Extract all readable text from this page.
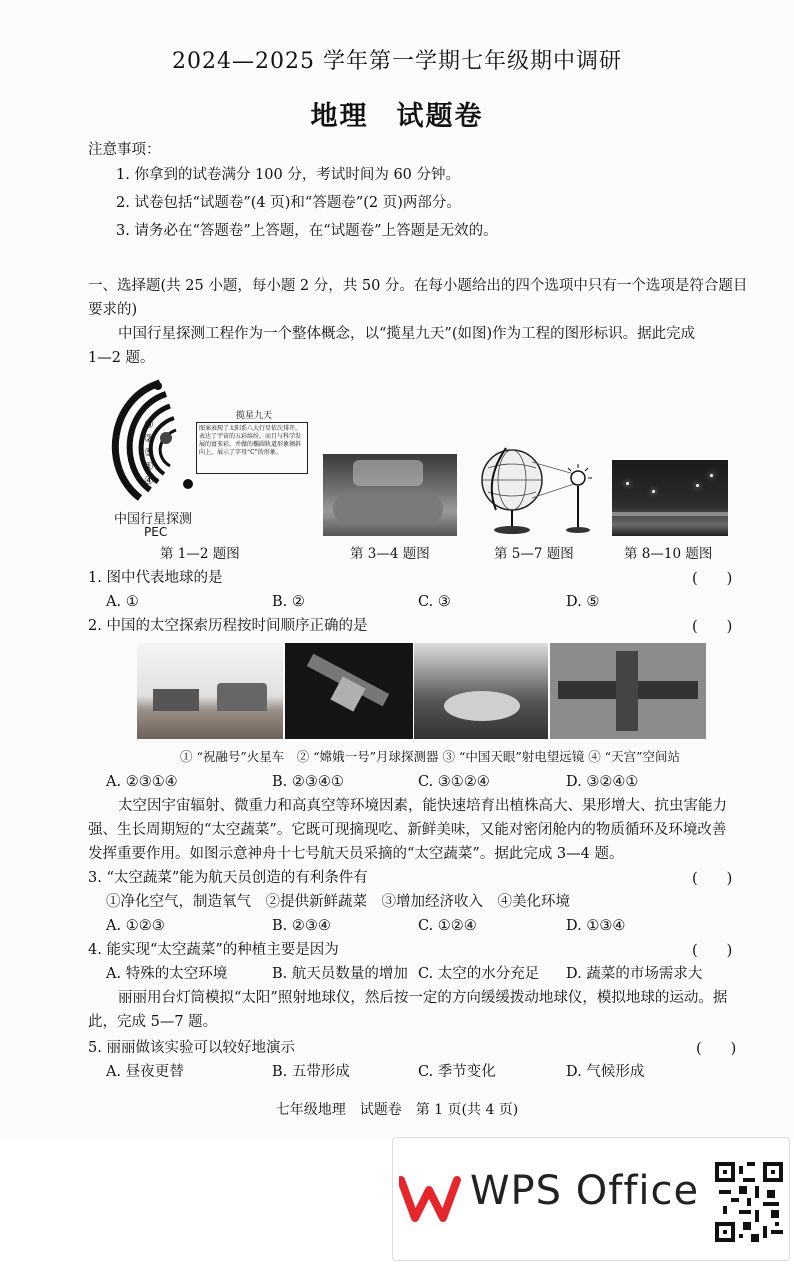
2024—2025 学年第一学期七年级期中调研
地理 试题卷
注意事项：
1. 你拿到的试卷满分 100 分，考试时间为 60 分钟。
2. 试卷包括“试题卷”(4 页)和“答题卷”(2 页)两部分。
3. 请务必在“答题卷”上答题，在“试题卷”上答题是无效的。
一、选择题(共 25 小题，每小题 2 分，共 50 分。在每小题给出的四个选项中只有一个选项是符合题目
要求的)
中国行星探测工程作为一个整体概念，以“揽星九天”(如图)作为工程的图形标识。据此完成
1—2 题。
③
②
⑤
①
④
揽星九天
图案表现了太阳系八大行星依次排开，表达了宇宙的五彩缤纷。而且与科学发展的富多彩，并做的椭圆轨道形象倾斜向上，展示了字母“C”的形象。
中国行星探测
PEC
第 1—2 题图	第 3—4 题图	第 5—7 题图	第 8—10 题图
1. 图中代表地球的是	(　　)
A. ①	B. ②	C. ③	D. ⑤
2. 中国的太空探索历程按时间顺序正确的是	(　　)
① “祝融号”火星车　② “嫦娥一号”月球探测器 ③ “中国天眼”射电望远镜 ④ “天宫”空间站
A. ②③①④	B. ②③④①	C. ③①②④	D. ③②④①
太空因宇宙辐射、微重力和高真空等环境因素，能快速培育出植株高大、果形增大、抗虫害能力
强、生长周期短的“太空蔬菜”。它既可现摘现吃、新鲜美味，又能对密闭舱内的物质循环及环境改善
发挥重要作用。如图示意神舟十七号航天员采摘的“太空蔬菜”。据此完成 3—4 题。
3. “太空蔬菜”能为航天员创造的有利条件有	(　　)
①净化空气，制造氧气　②提供新鲜蔬菜　③增加经济收入　④美化环境
A. ①②③	B. ②③④	C. ①②④	D. ①③④
4. 能实现“太空蔬菜”的种植主要是因为	(　　)
A. 特殊的太空环境	B. 航天员数量的增加 C. 太空的水分充足 D. 蔬菜的市场需求大
丽丽用台灯筒模拟“太阳”照射地球仪，然后按一定的方向缓缓拨动地球仪，模拟地球的运动。据
此，完成 5—7 题。
5. 丽丽做该实验可以较好地演示	(　　)
A. 昼夜更替	B. 五带形成	C. 季节变化	D. 气候形成
七年级地理　试题卷　第 1 页(共 4 页)
WPS Office
